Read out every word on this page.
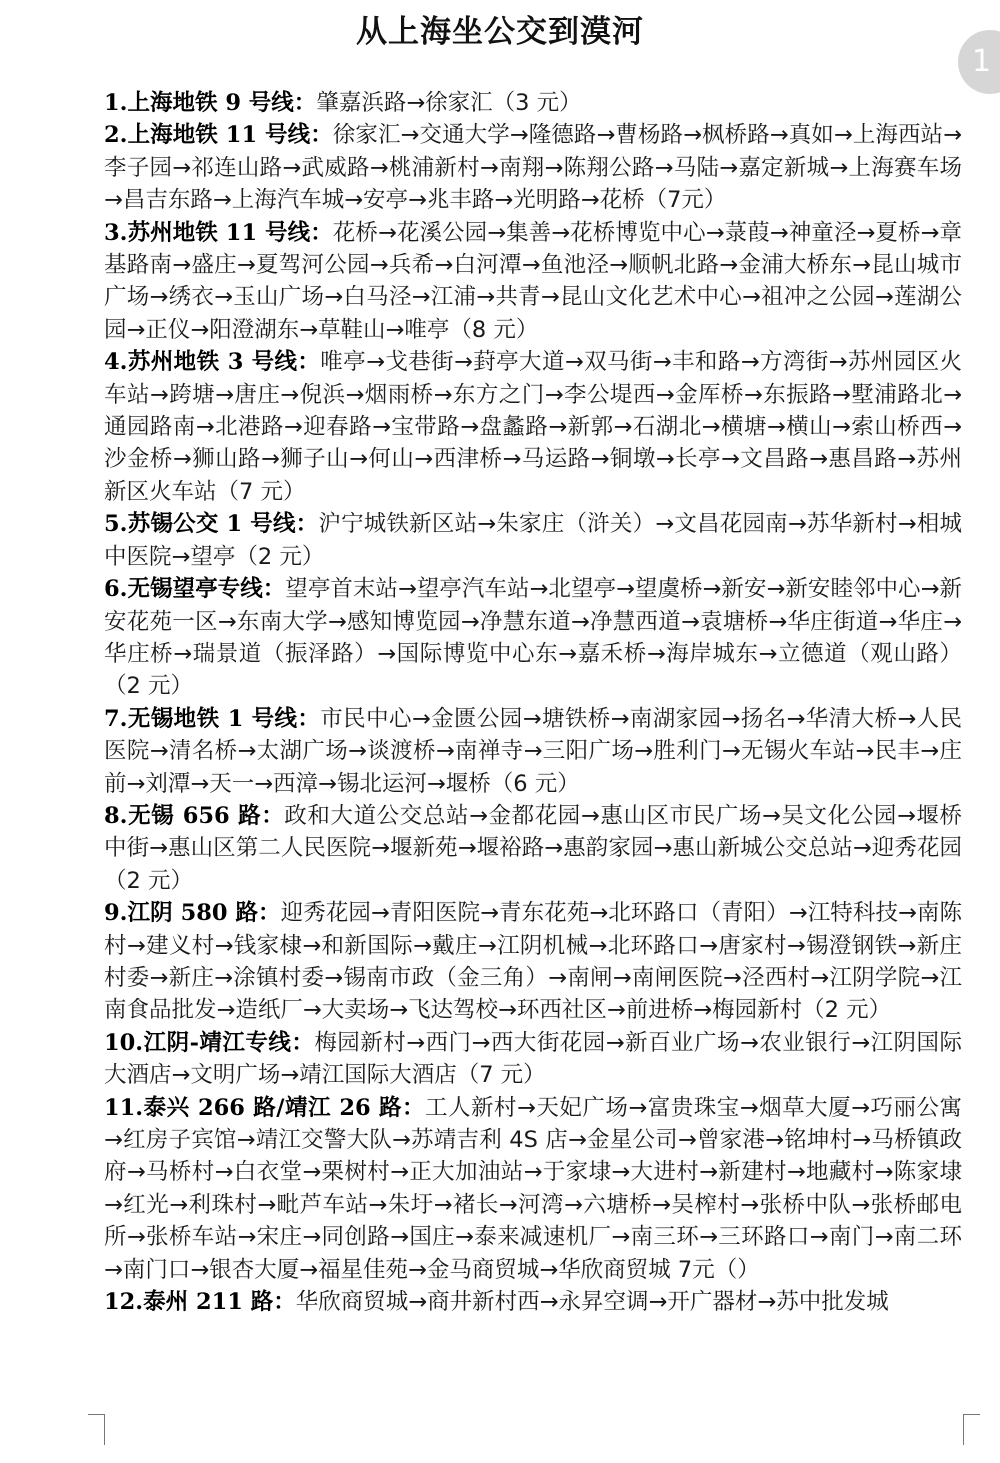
从上海坐公交到漠河
1
1.上海地铁 9 号线：肇嘉浜路→徐家汇（3 元）
2.上海地铁 11 号线：徐家汇→交通大学→隆德路→曹杨路→枫桥路→真如→上海西站→李子园→祁连山路→武威路→桃浦新村→南翔→陈翔公路→马陆→嘉定新城→上海赛车场→昌吉东路→上海汽车城→安亭→兆丰路→光明路→花桥（7元）
3.苏州地铁 11 号线：花桥→花溪公园→集善→花桥博览中心→菉葭→神童泾→夏桥→章基路南→盛庄→夏驾河公园→兵希→白河潭→鱼池泾→顺帆北路→金浦大桥东→昆山城市广场→绣衣→玉山广场→白马泾→江浦→共青→昆山文化艺术中心→祖冲之公园→莲湖公园→正仪→阳澄湖东→草鞋山→唯亭（8 元）
4.苏州地铁 3 号线：唯亭→戈巷街→葑亭大道→双马街→丰和路→方湾街→苏州园区火车站→跨塘→唐庄→倪浜→烟雨桥→东方之门→李公堤西→金厍桥→东振路→墅浦路北→通园路南→北港路→迎春路→宝带路→盘蠡路→新郭→石湖北→横塘→横山→索山桥西→沙金桥→狮山路→狮子山→何山→西津桥→马运路→铜墩→长亭→文昌路→惠昌路→苏州新区火车站（7 元）
5.苏锡公交 1 号线：沪宁城铁新区站→朱家庄（浒关）→文昌花园南→苏华新村→相城中医院→望亭（2 元）
6.无锡望亭专线：望亭首末站→望亭汽车站→北望亭→望虞桥→新安→新安睦邻中心→新安花苑一区→东南大学→感知博览园→净慧东道→净慧西道→袁塘桥→华庄街道→华庄→华庄桥→瑞景道（振泽路）→国际博览中心东→嘉禾桥→海岸城东→立德道（观山路）（2 元）
7.无锡地铁 1 号线：市民中心→金匮公园→塘铁桥→南湖家园→扬名→华清大桥→人民医院→清名桥→太湖广场→谈渡桥→南禅寺→三阳广场→胜利门→无锡火车站→民丰→庄前→刘潭→天一→西漳→锡北运河→堰桥（6 元）
8.无锡 656 路：政和大道公交总站→金都花园→惠山区市民广场→吴文化公园→堰桥中街→惠山区第二人民医院→堰新苑→堰裕路→惠韵家园→惠山新城公交总站→迎秀花园（2 元）
9.江阴 580 路：迎秀花园→青阳医院→青东花苑→北环路口（青阳）→江特科技→南陈村→建义村→钱家棣→和新国际→戴庄→江阴机械→北环路口→唐家村→锡澄钢铁→新庄村委→新庄→涂镇村委→锡南市政（金三角）→南闸→南闸医院→泾西村→江阴学院→江南食品批发→造纸厂→大卖场→飞达驾校→环西社区→前进桥→梅园新村（2 元）
10.江阴-靖江专线：梅园新村→西门→西大街花园→新百业广场→农业银行→江阴国际大酒店→文明广场→靖江国际大酒店（7 元）
11.泰兴 266 路/靖江 26 路：工人新村→天妃广场→富贵珠宝→烟草大厦→巧丽公寓→红房子宾馆→靖江交警大队→苏靖吉利 4S 店→金星公司→曾家港→铭坤村→马桥镇政府→马桥村→白衣堂→栗树村→正大加油站→于家埭→大进村→新建村→地藏村→陈家埭→红光→利珠村→毗芦车站→朱圩→褚长→河湾→六塘桥→吴榨村→张桥中队→张桥邮电所→张桥车站→宋庄→同创路→国庄→泰来减速机厂→南三环→三环路口→南门→南二环→南门口→银杏大厦→福星佳苑→金马商贸城→华欣商贸城 7元（）
12.泰州 211 路：华欣商贸城→商井新村西→永昇空调→开广器材→苏中批发城
